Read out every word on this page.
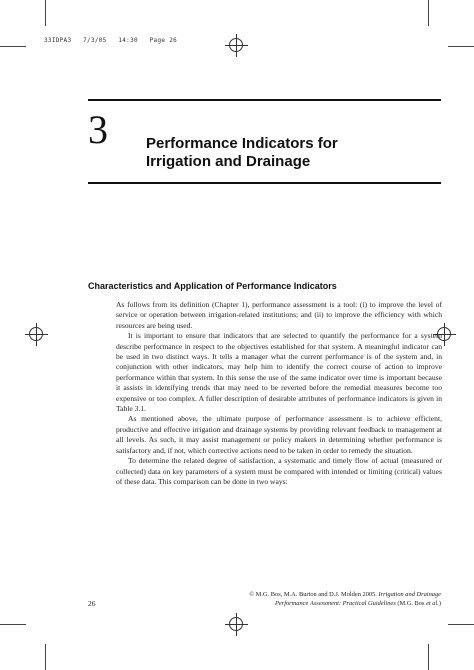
33IDPA3   7/3/05   14:30   Page 26
3	Performance Indicators for
Irrigation and Drainage
Characteristics and Application of Performance Indicators

As follows from its definition (Chapter 1), performance assessment is a tool: (i) to improve the level of service or operation between irrigation-related institutions; and (ii) to improve the efficiency with which resources are being used.

It is important to ensure that indicators that are selected to quantify the performance for a system describe performance in respect to the objectives established for that system. A meaningful indicator can be used in two distinct ways. It tells a manager what the current performance is of the system and, in conjunction with other indicators, may help him to identify the correct course of action to improve performance within that system. In this sense the use of the same indicator over time is important because it assists in identifying trends that may need to be reverted before the remedial measures become too expensive or too complex. A fuller description of desirable attributes of performance indicators is given in Table 3.1.

As mentioned above, the ultimate purpose of performance assessment is to achieve efficient, productive and effective irrigation and drainage systems by providing relevant feedback to management at all levels. As such, it may assist management or policy makers in determining whether performance is satisfactory and, if not, which corrective actions need to be taken in order to remedy the situation.

To determine the related degree of satisfaction, a systematic and timely flow of actual (measured or collected) data on key parameters of a system must be compared with intended or limiting (critical) values of these data. This comparison can be done in two ways:

26
© M.G. Bos, M.A. Burton and D.J. Molden 2005. Irrigation and Drainage
Performance Assessment: Practical Guidelines (M.G. Bos et al.)
